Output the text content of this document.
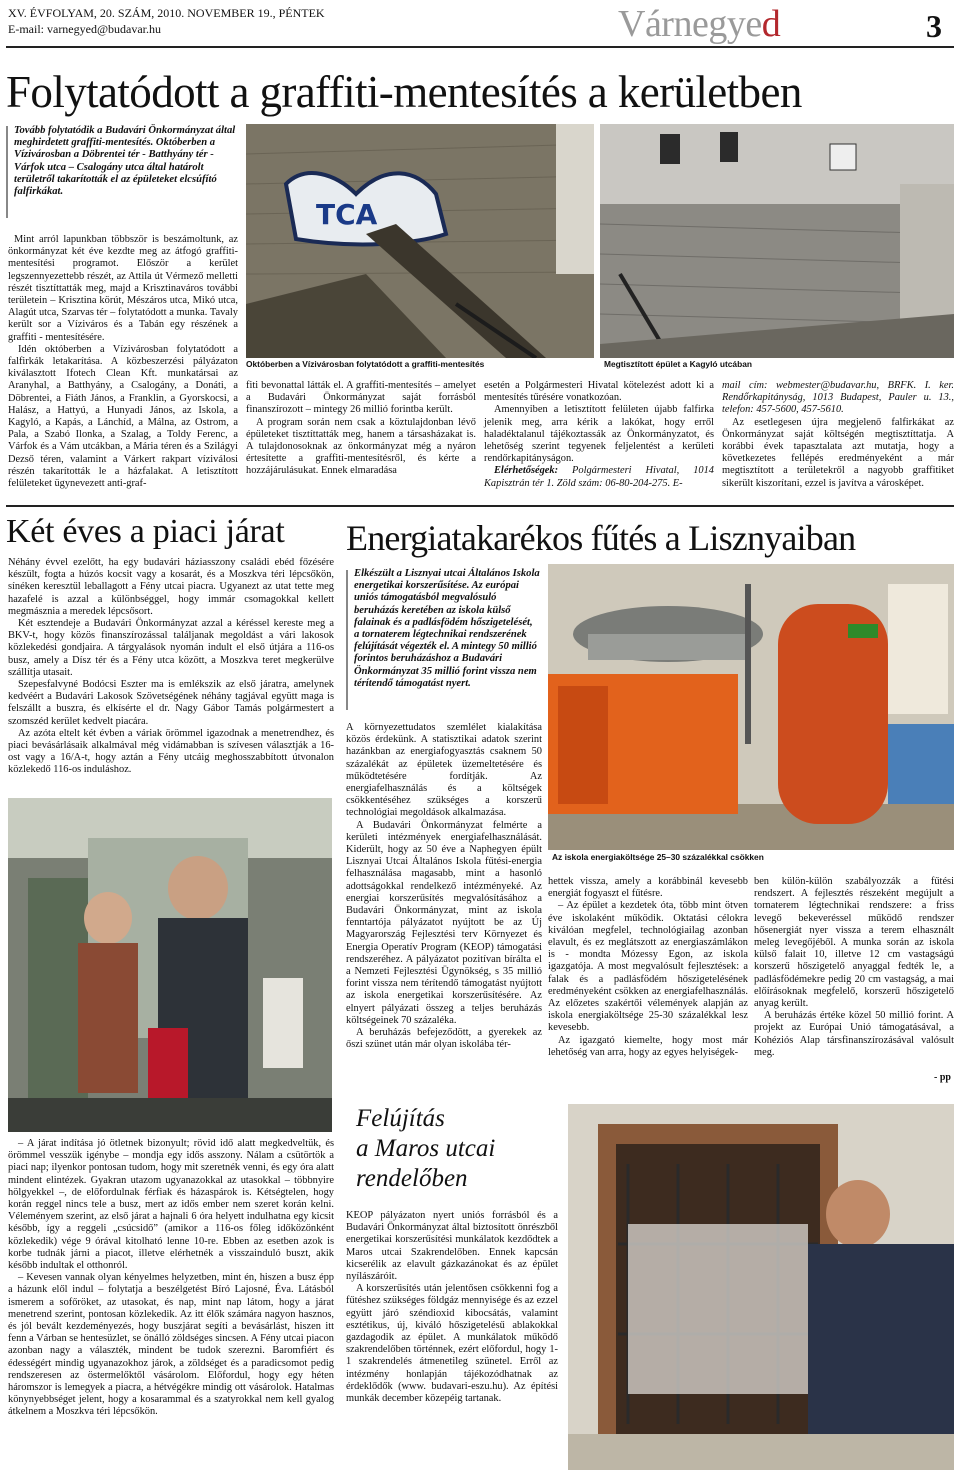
XV. ÉVFOLYAM, 20. SZÁM, 2010. NOVEMBER 19., PÉNTEK
E-mail: varnegyed@budavar.hu	Várnegyed	3
Folytatódott a graffiti-mentesítés a kerületben
Tovább folytatódik a Budavári Önkormányzat által meghirdetett graffiti-mentesítés. Októberben a Vízivárosban a Döbrentei tér - Batthyány tér - Várfok utca – Csalogány utca által határolt területről takarították el az épületeket elcsúfító falfirkákat.

Mint arról lapunkban többször is beszámoltunk, az önkormányzat két éve kezdte meg az átfogó graffiti-mentesítési programot. Először a kerület legszennyezettebb részét, az Attila út Vérmező melletti részét tisztíttatták meg, majd a Krisztinaváros további területein – Krisztina körút, Mészáros utca, Mikó utca, Alagút utca, Szarvas tér – folytatódott a munka. Tavaly került sor a Víziváros és a Tabán egy részének a graffiti - mentesítésére.

Idén októberben a Vízivárosban folytatódott a falfirkák letakarítása. A közbeszerzési pályázaton kiválasztott Ifotech Clean Kft. munkatársai az Aranyhal, a Batthyány, a Csalogány, a Donáti, a Döbrentei, a Fiáth János, a Franklin, a Gyorskocsi, a Halász, a Hattyú, a Hunyadi János, az Iskola, a Kagyló, a Kapás, a Lánchíd, a Málna, az Ostrom, a Pala, a Szabó Ilonka, a Szalag, a Toldy Ferenc, a Várfok és a Vám utcákban, a Mária téren és a Szilágyi Dezső téren, valamint a Várkert rakpart víziválosi részén takarították le a házfalakat. A letisztított felületeket ügynevezett anti-graf-

TCA
Októberben a Vízivárosban folytatódott a graffiti-mentesítés	Megtisztított épület a Kagyló utcában

fiti bevonattal látták el. A graffiti-mentesítés – amelyet a Budavári Önkormányzat saját forrásból finanszírozott – mintegy 26 millió forintba került.

A program során nem csak a köztulajdonban lévő épületeket tisztíttatták meg, hanem a társasházakat is. A tulajdonosoknak az önkormányzat még a nyáron értesítette a graffiti-mentesítésről, és kérte a hozzájárulásukat. Ennek elmaradása

esetén a Polgármesteri Hivatal kötelezést adott ki a mentesítés tűrésére vonatkozóan.

Amennyiben a letisztított felületen újabb falfirka jelenik meg, arra kérik a lakókat, hogy erről haladéktalanul tájékoztassák az Önkormányzatot, és lehetőség szerint tegyenek feljelentést a kerületi rendőrkapitányságon.

Elérhetőségek: Polgármesteri Hivatal, 1014 Kapisztrán tér 1. Zöld szám: 06-80-204-275. E-

mail cím: webmester@budavar.hu, BRFK. I. ker. Rendőrkapitányság, 1013 Budapest, Pauler u. 13., telefon: 457-5600, 457-5610.

Az esetlegesen újra megjelenő falfirkákat az Önkormányzat saját költségén megtisztíttatja. A korábbi évek tapasztalata azt mutatja, hogy a következetes fellépés eredményeként a már megtisztított a területekről a nagyobb graffitiket sikerült kiszorítani, ezzel is javítva a városképet.

Két éves a piaci járat

Néhány évvel ezelőtt, ha egy budavári háziasszony családi ebéd főzésére készült, fogta a húzós kocsit vagy a kosarát, és a Moszkva téri lépcsőkön, sínéken keresztül leballagott a Fény utcai piacra. Ugyanezt az utat tette meg hazafelé is azzal a különbséggel, hogy immár csomagokkal kellett megmásznia a meredek lépcsősort.

Két esztendeje a Budavári Önkormányzat azzal a kéréssel kereste meg a BKV-t, hogy közös finanszírozással találjanak megoldást a vári lakosok közlekedési gondjaira. A tárgyalások nyomán indult el első útjára a 116-os busz, amely a Dísz tér és a Fény utca között, a Moszkva teret megkerülve szállítja utasait.

Szepesfalvyné Bodócsi Eszter ma is emlékszik az első járatra, amelynek kedvéért a Budavári Lakosok Szövetségének néhány tagjával együtt maga is felszállt a buszra, és elkísérte el dr. Nagy Gábor Tamás polgármestert a szomszéd kerület kedvelt piacára.

Az azóta eltelt két évben a váriak örömmel igazodnak a menetrendhez, és piaci bevásárlásaik alkalmával még vidámabban is szívesen választják a 16-ost vagy a 16/A-t, hogy aztán a Fény utcáig meghosszabbított útvonalon közlekedő 116-os induláshoz.

– A járat indítása jó ötletnek bizonyult; rövid idő alatt megkedveltük, és örömmel vesszük igénybe – mondja egy idős asszony. Nálam a csütörtök a piaci nap; ilyenkor pontosan tudom, hogy mit szeretnék venni, és egy óra alatt mindent elintézek. Gyakran utazom ugyanazokkal az utasokkal – többnyire hölgyekkel –, de előfordulnak férfiak és házaspárok is. Kétségtelen, hogy korán reggel nincs tele a busz, mert az idős ember nem szeret korán kelni. Véleményem szerint, az első járat a hajnali 6 óra helyett indulhatna egy kicsit később, így a reggeli „csúcsidő” (amikor a 116-os főleg időközönként közlekedik) vége 9 órával kitolható lenne 10-re. Ebben az esetben azok is korbe tudnák járni a piacot, illetve elérhetnék a visszainduló buszt, akik később indultak el otthonról.

– Kevesen vannak olyan kényelmes helyzetben, mint én, hiszen a busz épp a házunk elől indul – folytatja a beszélgetést Bíró Lajosné, Éva. Látásból ismerem a sofőröket, az utasokat, és nap, mint nap látom, hogy a járat menetrend szerint, pontosan közlekedik. Az itt élők számára nagyon hasznos, és jól bevált kezdeményezés, hogy buszjárat segíti a bevásárlást, hiszen itt fenn a Várban se hentesüzlet, se önálló zöldséges sincsen. A Fény utcai piacon azonban nagy a választék, mindent be tudok szerezni. Baromfiért és édességért mindig ugyanazokhoz járok, a zöldséget és a paradicsomot pedig rendszeresen az östermelőktől vásárolom. Előfordul, hogy egy héten háromszor is lemegyek a piacra, a hétvégékre mindig ott vásárolok. Hatalmas könynyebbséget jelent, hogy a kosarammal és a szatyrokkal nem kell gyalog átkelnem a Moszkva téri lépcsőkön.

Energiatakarékos fűtés a Lisznyaiban
Elkészült a Lisznyai utcai Általános Iskola energetikai korszerűsítése. Az európai uniós támogatásból megvalósuló beruházás keretében az iskola külső falainak és a padlásfödém hőszigetelését, a tornaterem légtechnikai rendszerének felújítását végezték el. A mintegy 50 millió forintos beruházáshoz a Budavári Önkormányzat 35 millió forint vissza nem térítendő támogatást nyert.

A környezettudatos szemlélet kialakítása közös érdekünk. A statisztikai adatok szerint hazánkban az energiafogyasztás csaknem 50 százalékát az épületek üzemeltetésére és működtetésére fordítják. Az energiafelhasználás és a költségek csökkentéséhez szükséges a korszerű technológiai megoldások alkalmazása.

A Budavári Önkormányzat felmérte a kerületi intézmények energiafelhasználását. Kiderült, hogy az 50 éve a Naphegyen épült Lisznyai Utcai Általános Iskola fűtési-energia felhasználása magasabb, mint a hasonló adottságokkal rendelkező intézményeké. Az energiai korszerűsítés megvalósításához a Budavári Önkormányzat, mint az iskola fenntartója pályázatot nyújtott be az Új Magyarország Fejlesztési terv Környezet és Energia Operatív Program (KEOP) támogatási rendszeréhez. A pályázatot pozitívan bírálta el a Nemzeti Fejlesztési Ügynökség, s 35 millió forint vissza nem térítendő támogatást nyújtott az iskola energetikai korszerűsítésére. Az elnyert pályázati összeg a teljes beruházás költségeinek 70 százaléka.

A beruházás befejeződött, a gyerekek az őszi szünet után már olyan iskolába tér-

Az iskola energiaköltsége 25–30 százalékkal csökken

hettek vissza, amely a korábbinál kevesebb energiát fogyaszt el fűtésre.

– Az épület a kezdetek óta, több mint ötven éve iskolaként működik. Oktatási célokra kiválóan megfelel, technológiailag azonban elavult, és ez meglátszott az energiaszámlákon is - mondta Mózessy Egon, az iskola igazgatója. A most megvalósult fejlesztések: a falak és a padlásfödém hőszigetelésének eredményeként csökken az energiafelhasználás. Az előzetes szakértői vélemények alapján az iskola energiaköltsége 25-30 százalékkal lesz kevesebb.

Az igazgató kiemelte, hogy most már lehetőség van arra, hogy az egyes helyiségek-

ben külön-külön szabályozzák a fűtési rendszert. A fejlesztés részeként megújult a tornaterem légtechnikai rendszere: a friss levegő bekeveréssel működő rendszer hősenergiát nyer vissza a terem elhasznált meleg levegőjéből. A munka során az iskola külső falait 10, illetve 12 cm vastagságú korszerű hőszigetelő anyaggal fedték le, a padlásfödémekre pedig 20 cm vastagság, a mai előírásoknak megfelelő, korszerű hőszigetelő anyag került.

A beruházás értéke közel 50 millió forint. A projekt az Európai Unió támogatásával, a Kohéziós Alap társfinanszírozásával valósult meg.

- pp
Felújítás
a Maros utcai
rendelőben

KEOP pályázaton nyert uniós forrásból és a Budavári Önkormányzat által biztosított önrészből energetikai korszerűsítési munkálatok kezdődtek a Maros utcai Szakrendelőben. Ennek kapcsán kicserélik az elavult gázkazánokat és az épület nyílászáróit.

A korszerűsítés után jelentősen csökkenni fog a fűtéshez szükséges földgáz mennyisége és az ezzel együtt járó széndioxid kibocsátás, valamint esztétikus, új, kiváló hőszigetelésű ablakokkal gazdagodik az épület. A munkálatok működő szakrendelőben történnek, ezért előfordul, hogy 1-1 szakrendelés átmenetileg szünetel. Erről az intézmény honlapján tájékozódhatnak az érdeklődők (www. budavari-eszu.hu). Az építési munkák december közepéig tartanak.
